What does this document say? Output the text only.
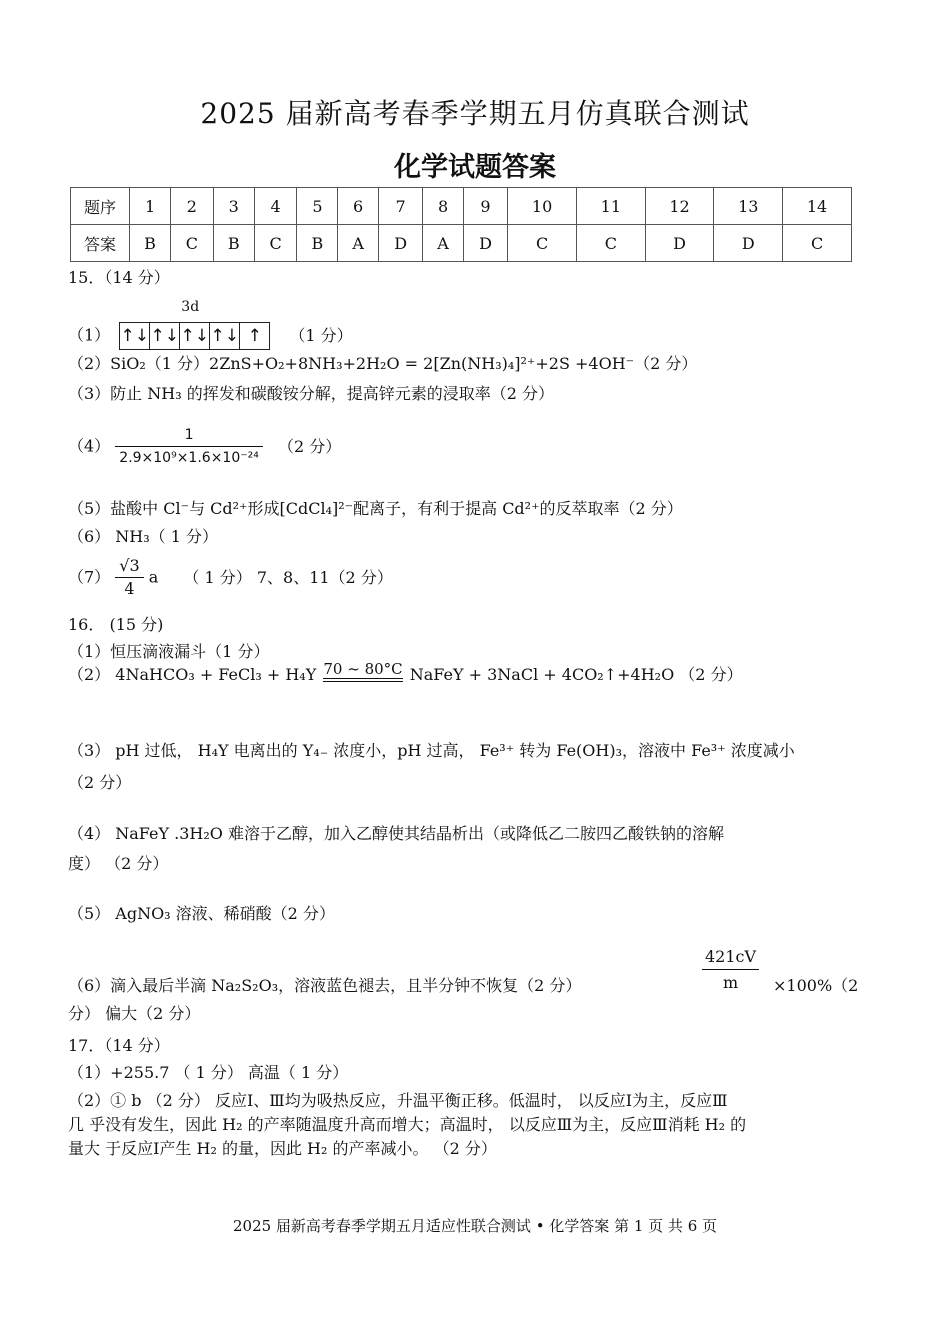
2025 届新高考春季学期五月仿真联合测试
化学试题答案
题序	1	2	3	4	5	6	7	8	9	10	11	12	13	14
答案	B	C	B	C	B	A	D	A	D	C	C	D	D	C
15．（14 分）
（1）
3d
↑↓↑↓↑↓↑↓ ↑ （1 分）
（2）SiO₂（1 分）2ZnS+O₂+8NH₃+2H₂O = 2[Zn(NH₃)₄]²⁺+2S +4OH⁻（2 分）
（3）防止 NH₃ 的挥发和碳酸铵分解，提高锌元素的浸取率（2 分）
$(4) \frac{1}{\text{2.9×10⁹×1.6×10⁻²⁴}} (2$ 分）
（5）盐酸中 Cl⁻与 Cd²⁺形成[CdCl₄]²⁻配离子，有利于提高 Cd²⁺的反萃取率（2 分）
（6） NH₃（ 1 分）
$(7) \frac{√3}{4}$ a （ 1 分） 7、8、11（2 分）
16． (15 分)
（1）恒压滴液漏斗（1 分）
（2） 4NaHCO₃ + FeCl₃ + H₄Y 70 ~ 80°C NaFeY + 3NaCl + 4CO₂↑+4H₂O （2 分）
（3） pH 过低， H₄Y 电离出的 Y₄₋ 浓度小，pH 过高， Fe³⁺ 转为 Fe(OH)₃，溶液中 Fe³⁺ 浓度减小
（2 分）
（4） NaFeY .3H₂O 难溶于乙醇，加入乙醇使其结晶析出（或降低乙二胺四乙酸铁钠的溶解
度） （2 分）
（5） AgNO₃ 溶液、稀硝酸（2 分）
（6）滴入最后半滴 Na₂S₂O₃，溶液蓝色褪去，且半分钟不恢复（2 分）	$\frac{421cV}{m} \times 100\%(2$
分） 偏大（2 分）
17．（14 分）
（1）+255.7 （ 1 分） 高温（ 1 分）
（2）① b （2 分） 反应Ⅰ、Ⅲ均为吸热反应，升温平衡正移。低温时， 以反应Ⅰ为主，反应Ⅲ
几 乎没有发生，因此 H₂ 的产率随温度升高而增大；高温时， 以反应Ⅲ为主，反应Ⅲ消耗 H₂ 的
量大 于反应Ⅰ产生 H₂ 的量，因此 H₂ 的产率减小。 （2 分）
2025 届新高考春季学期五月适应性联合测试 • 化学答案 第 1 页 共 6 页
